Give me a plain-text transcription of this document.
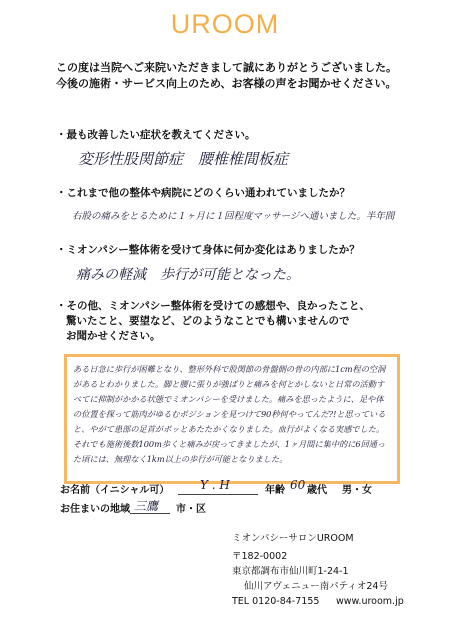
UROOM
この度は当院へご来院いただきまして誠にありがとうございました。
今後の施術・サービス向上のため、お客様の声をお聞かせください。
・最も改善したい症状を教えてください。
変形性股関節症　腰椎椎間板症
・これまで他の整体や病院にどのくらい通われていましたか？
右股の痛みをとるために１ヶ月に１回程度マッサージへ通いました。半年間
・ミオンパシー整体術を受けて身体に何か変化はありましたか？
痛みの軽減　歩行が可能となった。
・その他、ミオンパシー整体術を受けての感想や、良かったこと、
驚いたこと、要望など、どのようなことでも構いませんので
お聞かせください。

ある日急に歩行が困難となり、整形外科で股関節の骨盤側の骨の内部に1cm程の空洞があるとわかりました。脚と腰に張りが強ばりと痛みを何とかしないと日常の活動すべてに抑制がかかる状態でミオンパシーを受けました。痛みを思ったように、足や体の位置を探って筋肉がゆるむポジションを見つけて90秒何やってんだ?!と思っていると、やがて患部の足首がポッとあたたかくなりました。血行がよくなる実感でした。それでも施術後数100m歩くと痛みが戻ってきましたが、1ヶ月間に集中的に6回通った頃には、無理なく1km以上の歩行が可能となりました。

お名前（イニシャル可）	Y . H	年齢 60 歳代 男・女
お住まいの地域 三鷹 市・区
ミオンパシーサロンUROOM
〒182-0002
東京都調布市仙川町1-24-1
仙川アヴェニュー南パティオ24号
TEL 0120-84-7155 www.uroom.jp
